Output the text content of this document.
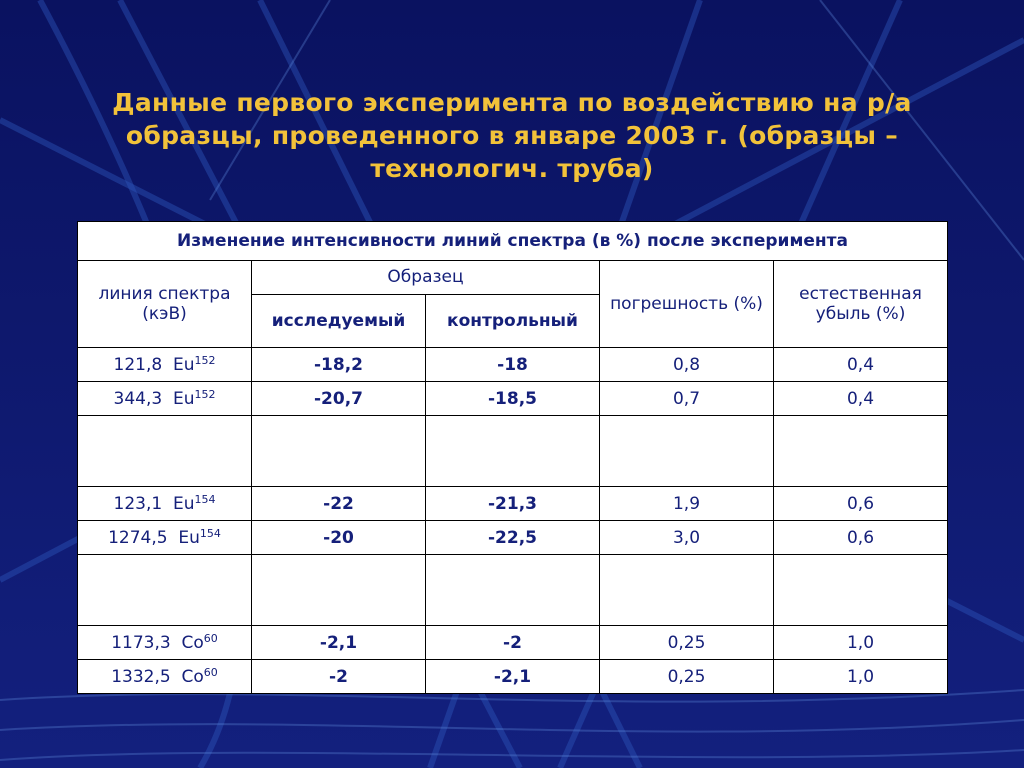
Данные первого эксперимента по воздействию на р/а образцы, проведенного в январе 2003 г. (образцы – технологич. труба)
Изменение интенсивности линий спектра (в %) после эксперимента				
линия спектра (кэВ)	Образец		погрешность (%)	естественная убыль (%)
	исследуемый	контрольный		
121,8 Eu$^{152}$	-18,2	-18	0,8	0,4
344,3 Eu$^{152}$	-20,7	-18,5	0,7	0,4

123,1 Eu$^{154}$	-22	-21,3	1,9	0,6
1274,5 Eu$^{154}$	-20	-22,5	3,0	0,6

1173,3 Co$^{60}$	-2,1	-2	0,25	1,0
1332,5 Co$^{60}$	-2	-2,1	0,25	1,0
